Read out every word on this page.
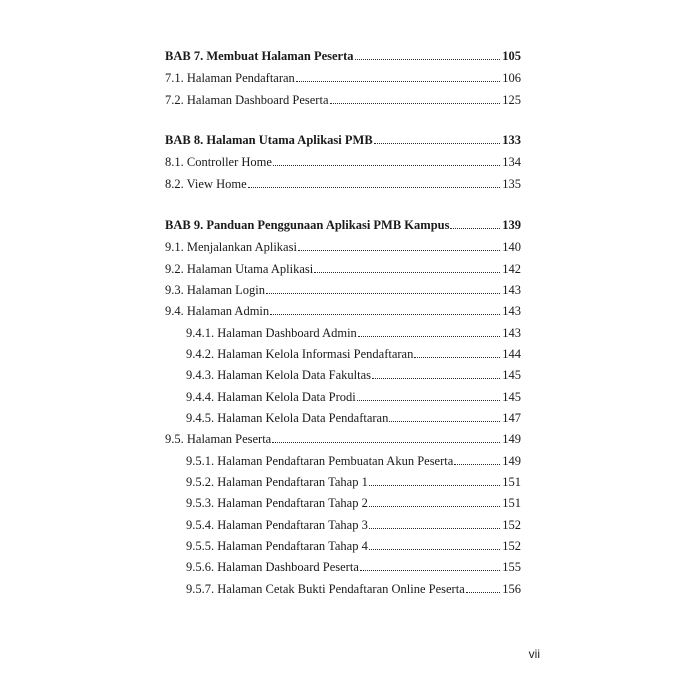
BAB 7. Membuat Halaman Peserta	105
7.1. Halaman Pendaftaran	106
7.2. Halaman Dashboard Peserta	125
BAB 8. Halaman Utama Aplikasi PMB	133
8.1. Controller Home	134
8.2. View Home	135
BAB 9. Panduan Penggunaan Aplikasi PMB Kampus	139
9.1. Menjalankan Aplikasi	140
9.2. Halaman Utama Aplikasi	142
9.3. Halaman Login	143
9.4. Halaman Admin	143
9.4.1. Halaman Dashboard Admin	143
9.4.2. Halaman Kelola Informasi Pendaftaran	144
9.4.3. Halaman Kelola Data Fakultas	145
9.4.4. Halaman Kelola Data Prodi	145
9.4.5. Halaman Kelola Data Pendaftaran	147
9.5. Halaman Peserta	149
9.5.1. Halaman Pendaftaran Pembuatan Akun Peserta	149
9.5.2. Halaman Pendaftaran Tahap 1	151
9.5.3. Halaman Pendaftaran Tahap 2	151
9.5.4. Halaman Pendaftaran Tahap 3	152
9.5.5. Halaman Pendaftaran Tahap 4	152
9.5.6. Halaman Dashboard Peserta	155
9.5.7. Halaman Cetak Bukti Pendaftaran Online Peserta	156
vii
